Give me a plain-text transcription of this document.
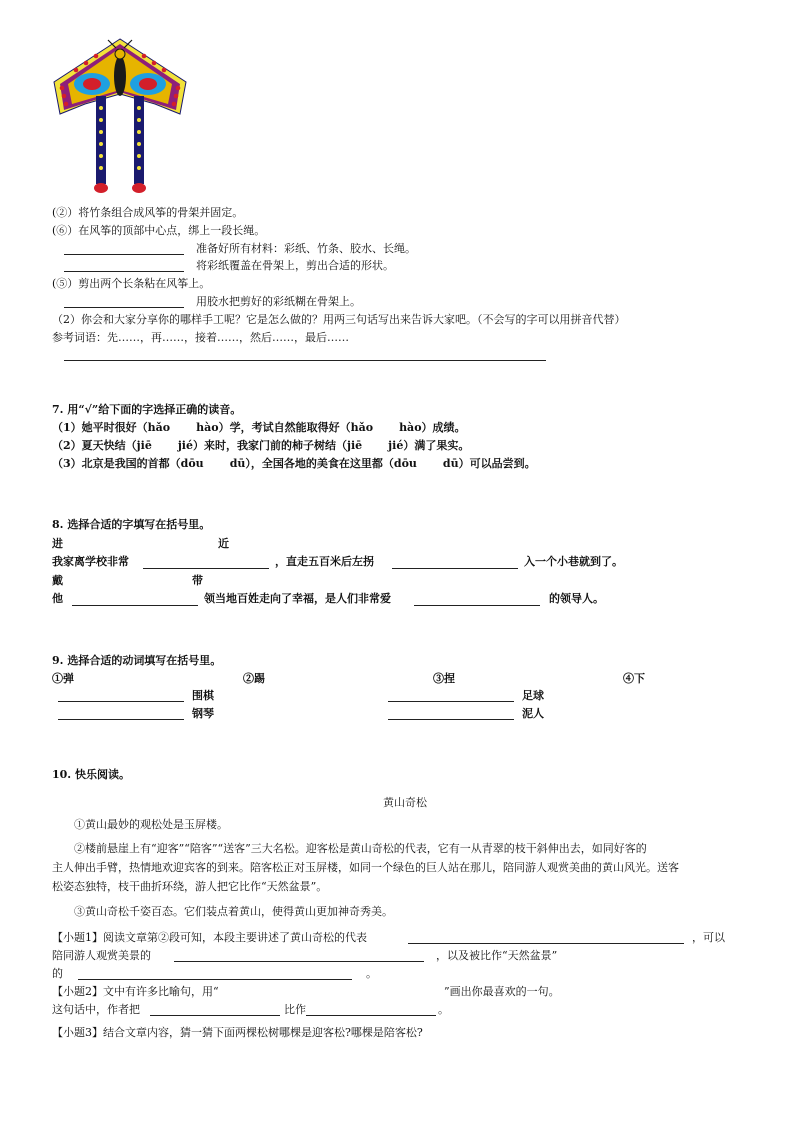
(②）将竹条组合成风筝的骨架并固定。
(⑥）在风筝的顶部中心点，绑上一段长绳。
准备好所有材料：彩纸、竹条、胶水、长绳。
将彩纸覆盖在骨架上，剪出合适的形状。
(⑤）剪出两个长条粘在风筝上。
用胶水把剪好的彩纸糊在骨架上。
（2）你会和大家分享你的哪样手工呢？它是怎么做的？用两三句话写出来告诉大家吧。（不会写的字可以用拼音代替）
参考词语：先……，再……，接着……，然后……，最后……
7. 用“√”给下面的字选择正确的读音。
（1）她平时很好（hǎo hào）学，考试自然能取得好（hǎo hào）成绩。
（2）夏天快结（jiē jié）来时，我家门前的柿子树结（jiē jié）满了果实。
（3）北京是我国的首都（dōu dū），全国各地的美食在这里都（dōu dū）可以品尝到。
8. 选择合适的字填写在括号里。
进	近
我家离学校非常	，直走五百米后左拐	入一个小巷就到了。
戴	带
他	领当地百姓走向了幸福，是人们非常爱	的领导人。
9. 选择合适的动词填写在括号里。
①弹	②踢	③捏	④下
围棋	足球
钢琴	泥人
10. 快乐阅读。
黄山奇松
①黄山最妙的观松处是玉屏楼。
②楼前悬崖上有“迎客”“陪客”“送客”三大名松。迎客松是黄山奇松的代表，它有一从青翠的枝干斜伸出去，如同好客的
主人伸出手臂，热情地欢迎宾客的到来。陪客松正对玉屏楼，如同一个绿色的巨人站在那儿，陪同游人观赏美曲的黄山风光。送客
松姿态独特，枝干曲折环绕，游人把它比作“天然盆景”。
③黄山奇松千姿百态。它们装点着黄山，使得黄山更加神奇秀美。
【小题1】阅读文章第②段可知，本段主要讲述了黄山奇松的代表	，可以
陪同游人观赏美景的	，以及被比作“天然盆景”
的	。
【小题2】文中有许多比喻句，用“	”画出你最喜欢的一句。
这句话中，作者把	比作	。
【小题3】结合文章内容，猜一猜下面两棵松树哪棵是迎客松?哪棵是陪客松?
